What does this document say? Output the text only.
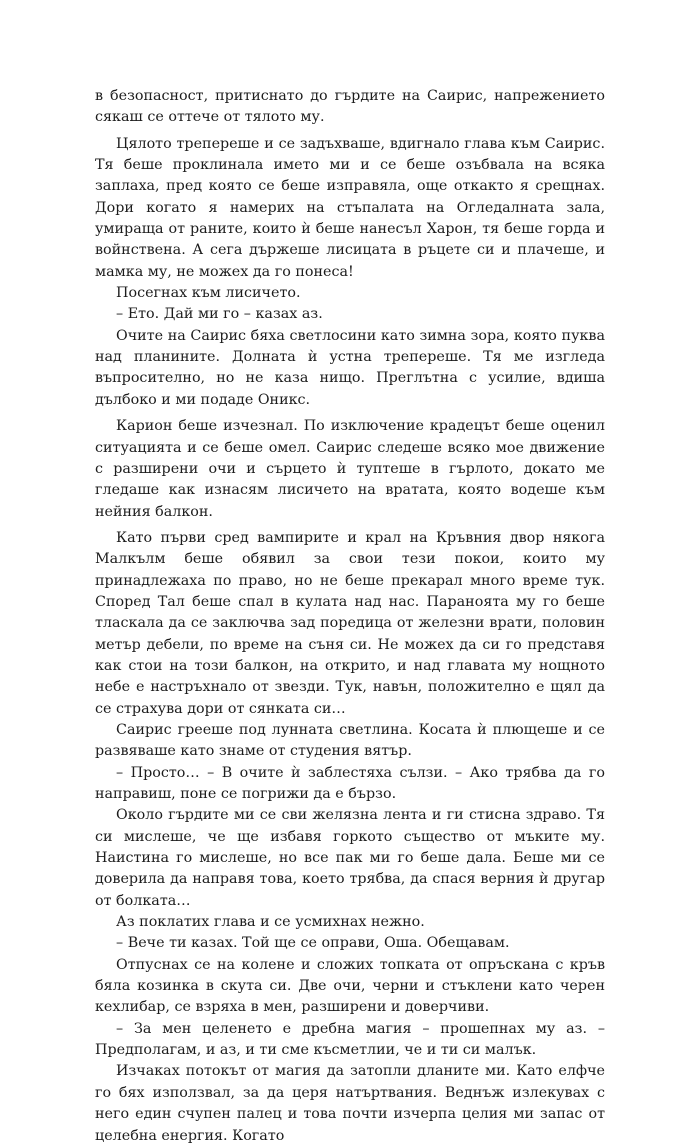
в безопасност, притиснато до гърдите на Саирис, напрежението сякаш се оттече от тялото му.

Цялото трепереше и се задъхваше, вдигнало глава към Саирис. Тя беше проклинала името ми и се беше озъбвала на всяка заплаха, пред която се беше изправяла, още откакто я срещнах. Дори когато я намерих на стъпалата на Огледалната зала, умираща от раните, които ѝ беше нанесъл Харон, тя беше горда и войнствена. А сега държеше лисицата в ръцете си и плачеше, и мамка му, не можех да го понеса!

Посегнах към лисичето.

– Ето. Дай ми го – казах аз.

Очите на Саирис бяха светлосини като зимна зора, която пуква над планините. Долната ѝ устна трепереше. Тя ме изгледа въпросително, но не каза нищо. Преглътна с усилие, вдиша дълбоко и ми подаде Оникс.

Карион беше изчезнал. По изключение крадецът беше оценил ситуацията и се беше омел. Саирис следеше всяко мое движение с разширени очи и сърцето ѝ туптеше в гърлото, докато ме гледаше как изнасям лисичето на вратата, която водеше към нейния балкон.

Като първи сред вампирите и крал на Кръвния двор някога Малкълм беше обявил за свои тези покои, които му принадлежаха по право, но не беше прекарал много време тук. Според Тал беше спал в кулата над нас. Параноята му го беше тласкала да се заключва зад поредица от железни врати, половин метър дебели, по време на съня си. Не можех да си го представя как стои на този балкон, на открито, и над главата му нощното небе е настръхнало от звезди. Тук, навън, положително е щял да се страхува дори от сянката си…

Саирис грееше под лунната светлина. Косата ѝ плющеше и се развяваше като знаме от студения вятър.

– Просто… – В очите ѝ заблестяха сълзи. – Ако трябва да го направиш, поне се погрижи да е бързо.

Около гърдите ми се сви желязна лента и ги стисна здраво. Тя си мислеше, че ще избавя горкото същество от мъките му. Наистина го мислеше, но все пак ми го беше дала. Беше ми се доверила да направя това, което трябва, да спася верния ѝ другар от болката…

Аз поклатих глава и се усмихнах нежно.

– Вече ти казах. Той ще се оправи, Оша. Обещавам.

Отпуснах се на колене и сложих топката от опръскана с кръв бяла козинка в скута си. Две очи, черни и стъклени като черен кехлибар, се взряха в мен, разширени и доверчиви.

– За мен целенето е дребна магия – прошепнах му аз. – Предполагам, и аз, и ти сме късметлии, че и ти си малък.

Изчаках потокът от магия да затопли дланите ми. Като елфче го бях използвал, за да церя натъртвания. Веднъж излекувах с него един счупен палец и това почти изчерпа целия ми запас от целебна енергия. Когато
